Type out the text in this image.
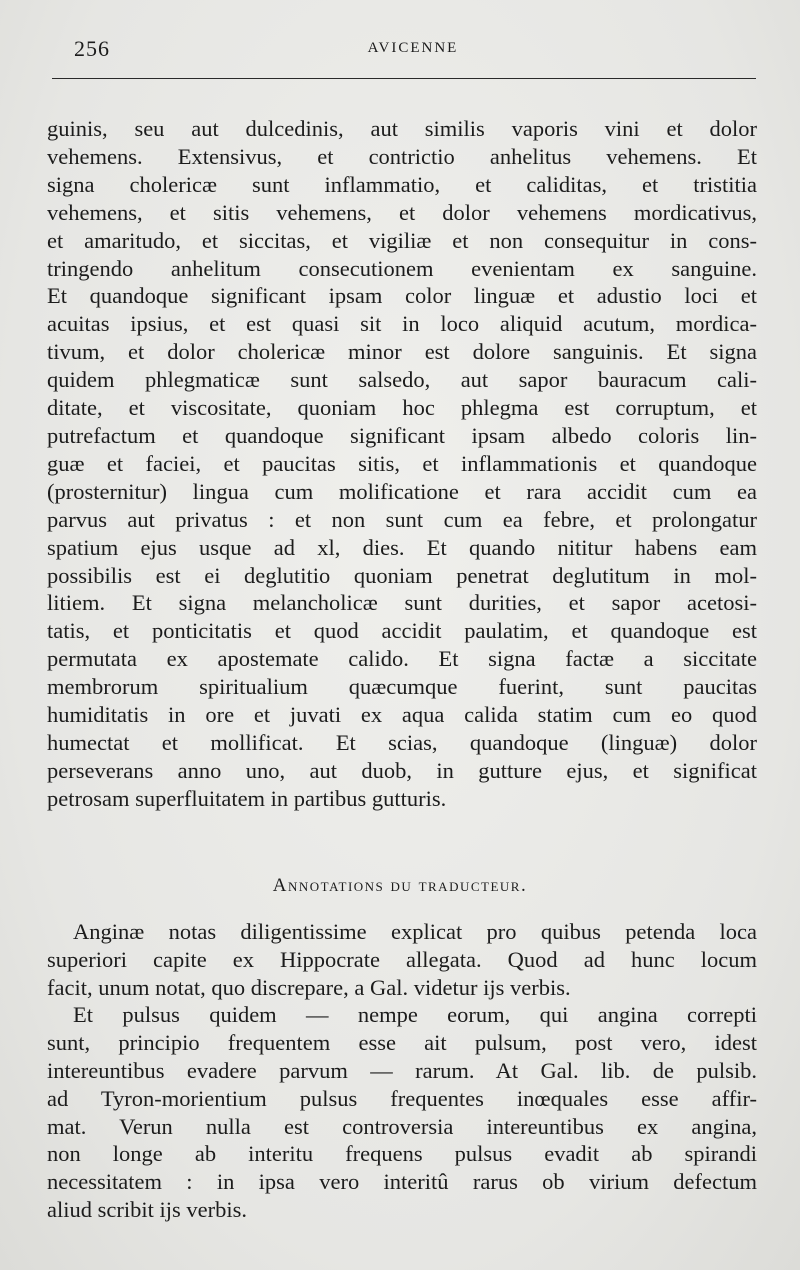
256	AVICENNE
guinis, seu aut dulcedinis, aut similis vaporis vini et dolor
vehemens. Extensivus, et contrictio anhelitus vehemens. Et
signa cholericæ sunt inflammatio, et caliditas, et tristitia
vehemens, et sitis vehemens, et dolor vehemens mordicativus,
et amaritudo, et siccitas, et vigiliæ et non consequitur in cons-
tringendo anhelitum consecutionem evenientam ex sanguine.
Et quandoque significant ipsam color linguæ et adustio loci et
acuitas ipsius, et est quasi sit in loco aliquid acutum, mordica-
tivum, et dolor cholericæ minor est dolore sanguinis. Et signa
quidem phlegmaticæ sunt salsedo, aut sapor bauracum cali-
ditate, et viscositate, quoniam hoc phlegma est corruptum, et
putrefactum et quandoque significant ipsam albedo coloris lin-
guæ et faciei, et paucitas sitis, et inflammationis et quandoque
(prosternitur) lingua cum molificatione et rara accidit cum ea
parvus aut privatus : et non sunt cum ea febre, et prolongatur
spatium ejus usque ad xl, dies. Et quando nititur habens eam
possibilis est ei deglutitio quoniam penetrat deglutitum in mol-
litiem. Et signa melancholicæ sunt durities, et sapor acetosi-
tatis, et ponticitatis et quod accidit paulatim, et quandoque est
permutata ex apostemate calido. Et signa factæ a siccitate
membrorum spiritualium quæcumque fuerint, sunt paucitas
humiditatis in ore et juvati ex aqua calida statim cum eo quod
humectat et mollificat. Et scias, quandoque (linguæ) dolor
perseverans anno uno, aut duob, in gutture ejus, et significat
petrosam superfluitatem in partibus gutturis.
Annotations du traducteur.
Anginæ notas diligentissime explicat pro quibus petenda loca
superiori capite ex Hippocrate allegata. Quod ad hunc locum
facit, unum notat, quo discrepare, a Gal. videtur ijs verbis.
Et pulsus quidem — nempe eorum, qui angina correpti
sunt, principio frequentem esse ait pulsum, post vero, idest
intereuntibus evadere parvum — rarum. At Gal. lib. de pulsib.
ad Tyron-morientium pulsus frequentes inœquales esse affir-
mat. Verun nulla est controversia intereuntibus ex angina,
non longe ab interitu frequens pulsus evadit ab spirandi
necessitatem : in ipsa vero interitû rarus ob virium defectum
aliud scribit ijs verbis.
